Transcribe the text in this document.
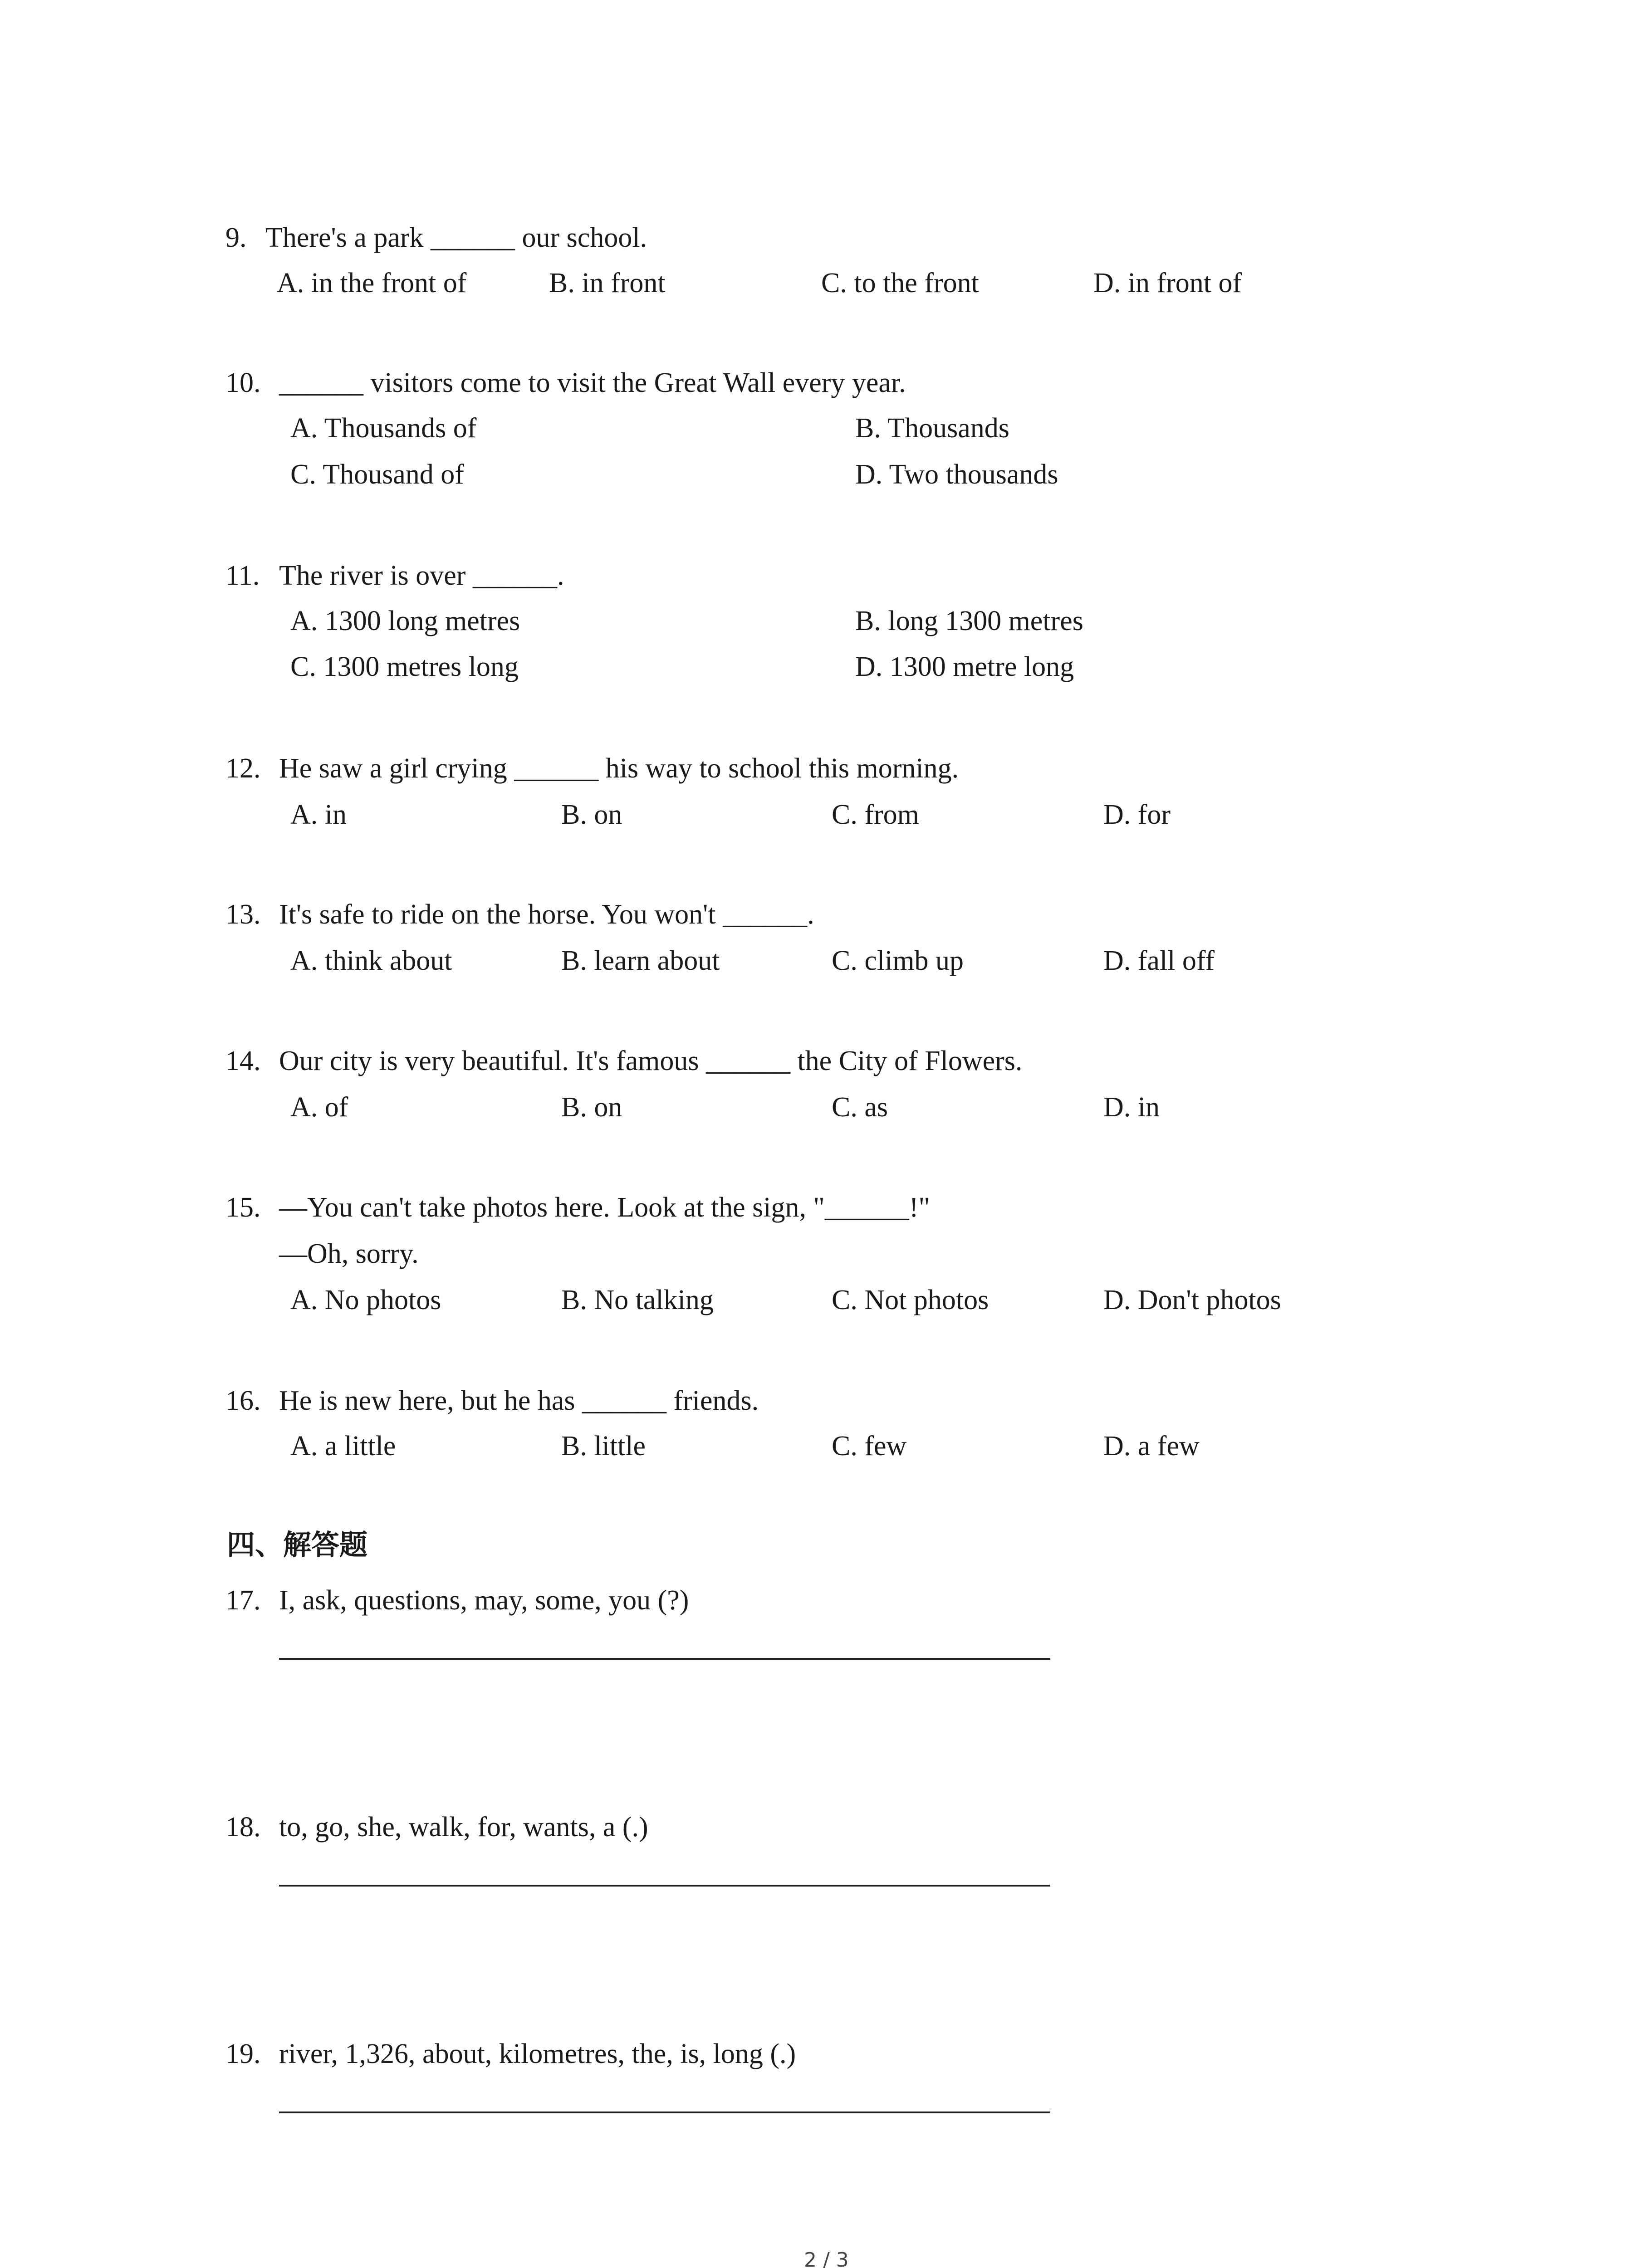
9. There's a park ______ our school.
A. in the front of	B. in front	C. to the front	D. in front of
10. ______ visitors come to visit the Great Wall every year.
A. Thousands of	B. Thousands
C. Thousand of	D. Two thousands
11. The river is over ______.
A. 1300 long metres	B. long 1300 metres
C. 1300 metres long	D. 1300 metre long
12. He saw a girl crying ______ his way to school this morning.
A. in	B. on	C. from	D. for
13. It's safe to ride on the horse. You won't ______.
A. think about	B. learn about	C. climb up	D. fall off
14. Our city is very beautiful. It's famous ______ the City of Flowers.
A. of	B. on	C. as	D. in
15. —You can't take photos here. Look at the sign, "______!"
—Oh, sorry.
A. No photos	B. No talking	C. Not photos	D. Don't photos
16. He is new here, but he has ______ friends.
A. a little	B. little	C. few	D. a few
四、解答题
17. I, ask, questions, may, some, you (?)
18. to, go, she, walk, for, wants, a (.)
19. river, 1,326, about, kilometres, the, is, long (.)
2 / 3
